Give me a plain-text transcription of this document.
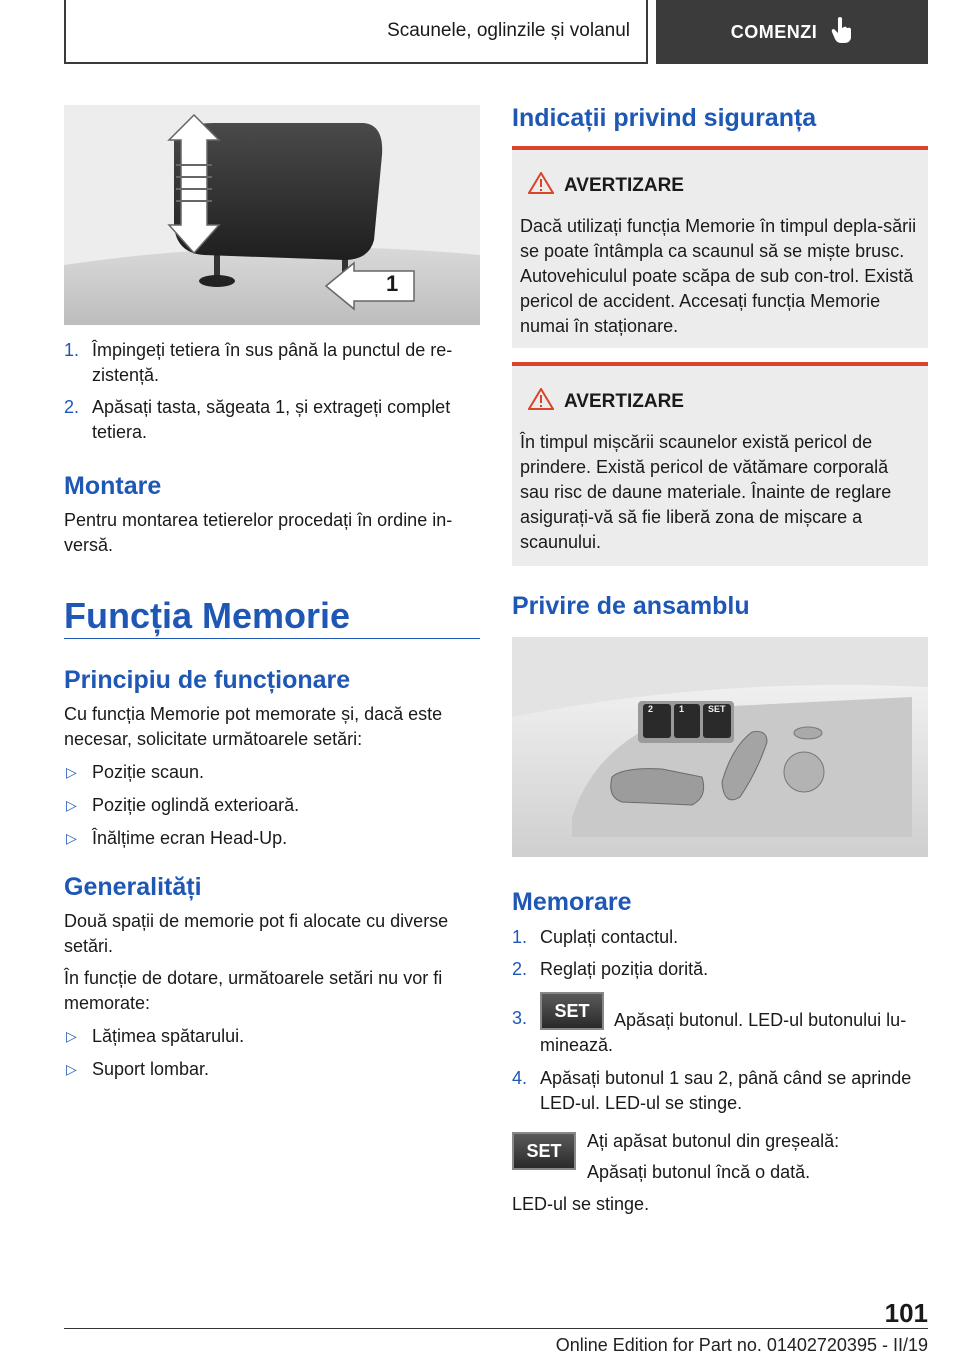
Scaunele, oglinzile și volanul	COMENZI
1
1. Împingeți tetiera în sus până la punctul de re-zistență.
2. Apăsați tasta, săgeata 1, și extrageți complet tetiera.
Montare
Pentru montarea tetierelor procedați în ordine in-versă.
Funcția Memorie
Principiu de funcționare
Cu funcția Memorie pot memorate și, dacă este necesar, solicitate următoarele setări:
▷ Poziție scaun.
▷ Poziție oglindă exterioară.
▷ Înălțime ecran Head-Up.
Generalități
Două spații de memorie pot fi alocate cu diverse setări.
În funcție de dotare, următoarele setări nu vor fi memorate:
▷ Lățimea spătarului.
▷ Suport lombar.
Indicații privind siguranța
AVERTIZARE

Dacă utilizați funcția Memorie în timpul depla-sării se poate întâmpla ca scaunul să se miște brusc. Autovehiculul poate scăpa de sub con-trol. Există pericol de accident. Accesați funcția Memorie numai în staționare.

AVERTIZARE

În timpul mișcării scaunelor există pericol de prindere. Există pericol de vătămare corporală sau risc de daune materiale. Înainte de reglare asigurați-vă să fie liberă zona de mișcare a scaunului.

Privire de ansamblu
2	1	SET
Memorare
1. Cuplați contactul.
2. Reglați poziția dorită.
3.	SET	Apăsați butonul. LED-ul butonului lu-minează.
4. Apăsați butonul 1 sau 2, până când se aprinde LED-ul. LED-ul se stinge.
SET	Ați apăsat butonul din greșeală:
Apăsați butonul încă o dată.
LED-ul se stinge.
101
Online Edition for Part no. 01402720395 - II/19
